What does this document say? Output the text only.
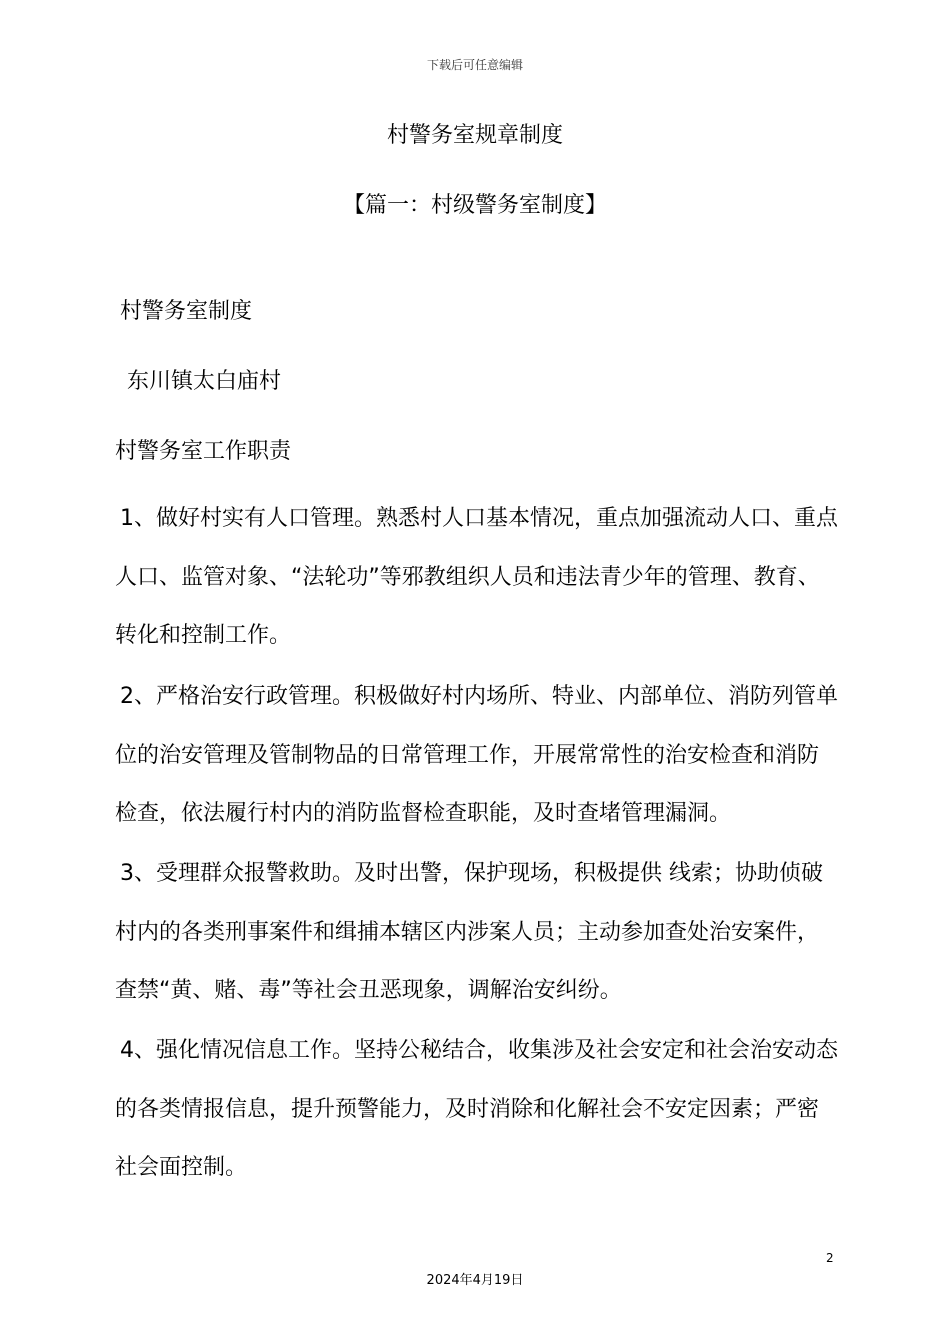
下载后可任意编辑
村警务室规章制度
【篇一：村级警务室制度】
村警务室制度
东川镇太白庙村
村警务室工作职责
1、做好村实有人口管理。熟悉村人口基本情况，重点加强流动人口、重点人口、监管对象、“法轮功”等邪教组织人员和违法青少年的管理、教育、转化和控制工作。
2、严格治安行政管理。积极做好村内场所、特业、内部单位、消防列管单位的治安管理及管制物品的日常管理工作，开展常常性的治安检查和消防检查，依法履行村内的消防监督检查职能，及时查堵管理漏洞。
3、受理群众报警救助。及时出警，保护现场，积极提供 线索；协助侦破村内的各类刑事案件和缉捕本辖区内涉案人员；主动参加查处治安案件，查禁“黄、赌、毒”等社会丑恶现象，调解治安纠纷。
4、强化情况信息工作。坚持公秘结合，收集涉及社会安定和社会治安动态的各类情报信息，提升预警能力，及时消除和化解社会不安定因素；严密社会面控制。
2
2024年4月19日
